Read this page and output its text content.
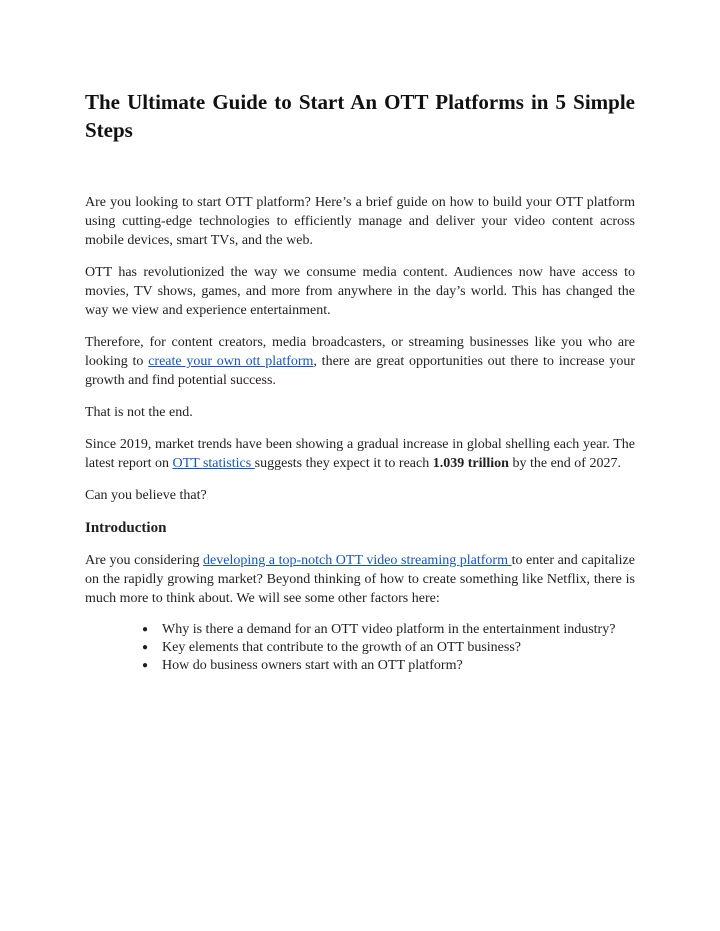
The Ultimate Guide to Start An OTT Platforms in 5 Simple Steps

Are you looking to start OTT platform? Here’s a brief guide on how to build your OTT platform using cutting-edge technologies to efficiently manage and deliver your video content across mobile devices, smart TVs, and the web.

OTT has revolutionized the way we consume media content. Audiences now have access to movies, TV shows, games, and more from anywhere in the day’s world. This has changed the way we view and experience entertainment.

Therefore, for content creators, media broadcasters, or streaming businesses like you who are looking to create your own ott platform, there are great opportunities out there to increase your growth and find potential success.

That is not the end.

Since 2019, market trends have been showing a gradual increase in global shelling each year. The latest report on OTT statistics suggests they expect it to reach 1.039 trillion by the end of 2027.

Can you believe that?

Introduction

Are you considering developing a top-notch OTT video streaming platform to enter and capitalize on the rapidly growing market? Beyond thinking of how to create something like Netflix, there is much more to think about. We will see some other factors here:

● Why is there a demand for an OTT video platform in the entertainment industry?
● Key elements that contribute to the growth of an OTT business?
● How do business owners start with an OTT platform?
